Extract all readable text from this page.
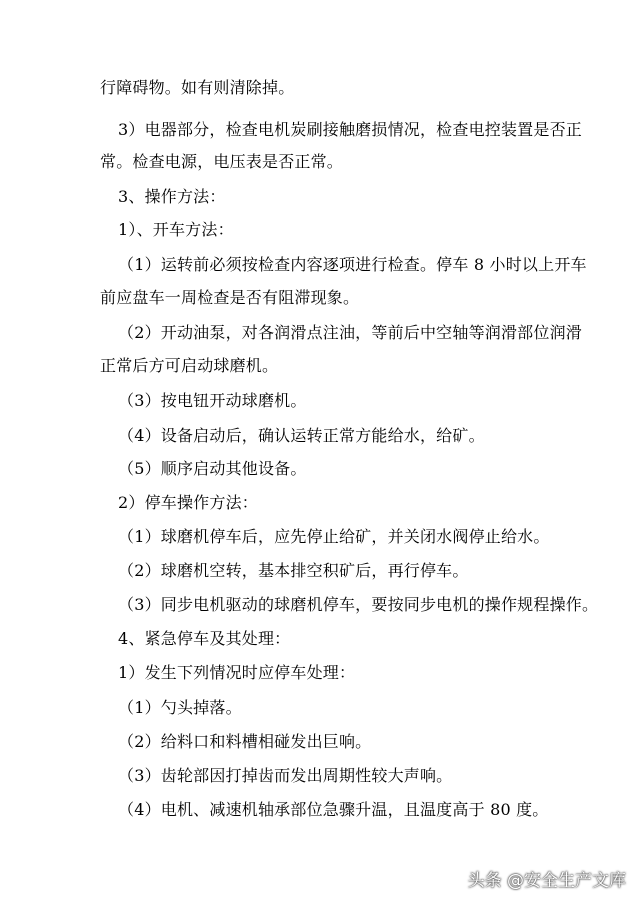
行障碍物。如有则清除掉。
3）电器部分，检查电机炭刷接触磨损情况，检查电控装置是否正
常。检查电源，电压表是否正常。
3、操作方法：
1）、开车方法：
（1）运转前必须按检查内容逐项进行检查。停车 8 小时以上开车
前应盘车一周检查是否有阻滞现象。
（2）开动油泵，对各润滑点注油，等前后中空轴等润滑部位润滑
正常后方可启动球磨机。
（3）按电钮开动球磨机。
（4）设备启动后，确认运转正常方能给水，给矿。
（5）顺序启动其他设备。
2）停车操作方法：
（1）球磨机停车后，应先停止给矿，并关闭水阀停止给水。
（2）球磨机空转，基本排空积矿后，再行停车。
（3）同步电机驱动的球磨机停车，要按同步电机的操作规程操作。
4、紧急停车及其处理：
1）发生下列情况时应停车处理：
（1）勺头掉落。
（2）给料口和料槽相碰发出巨响。
（3）齿轮部因打掉齿而发出周期性较大声响。
（4）电机、减速机轴承部位急骤升温，且温度高于 80 度。
头条 @安全生产文库
